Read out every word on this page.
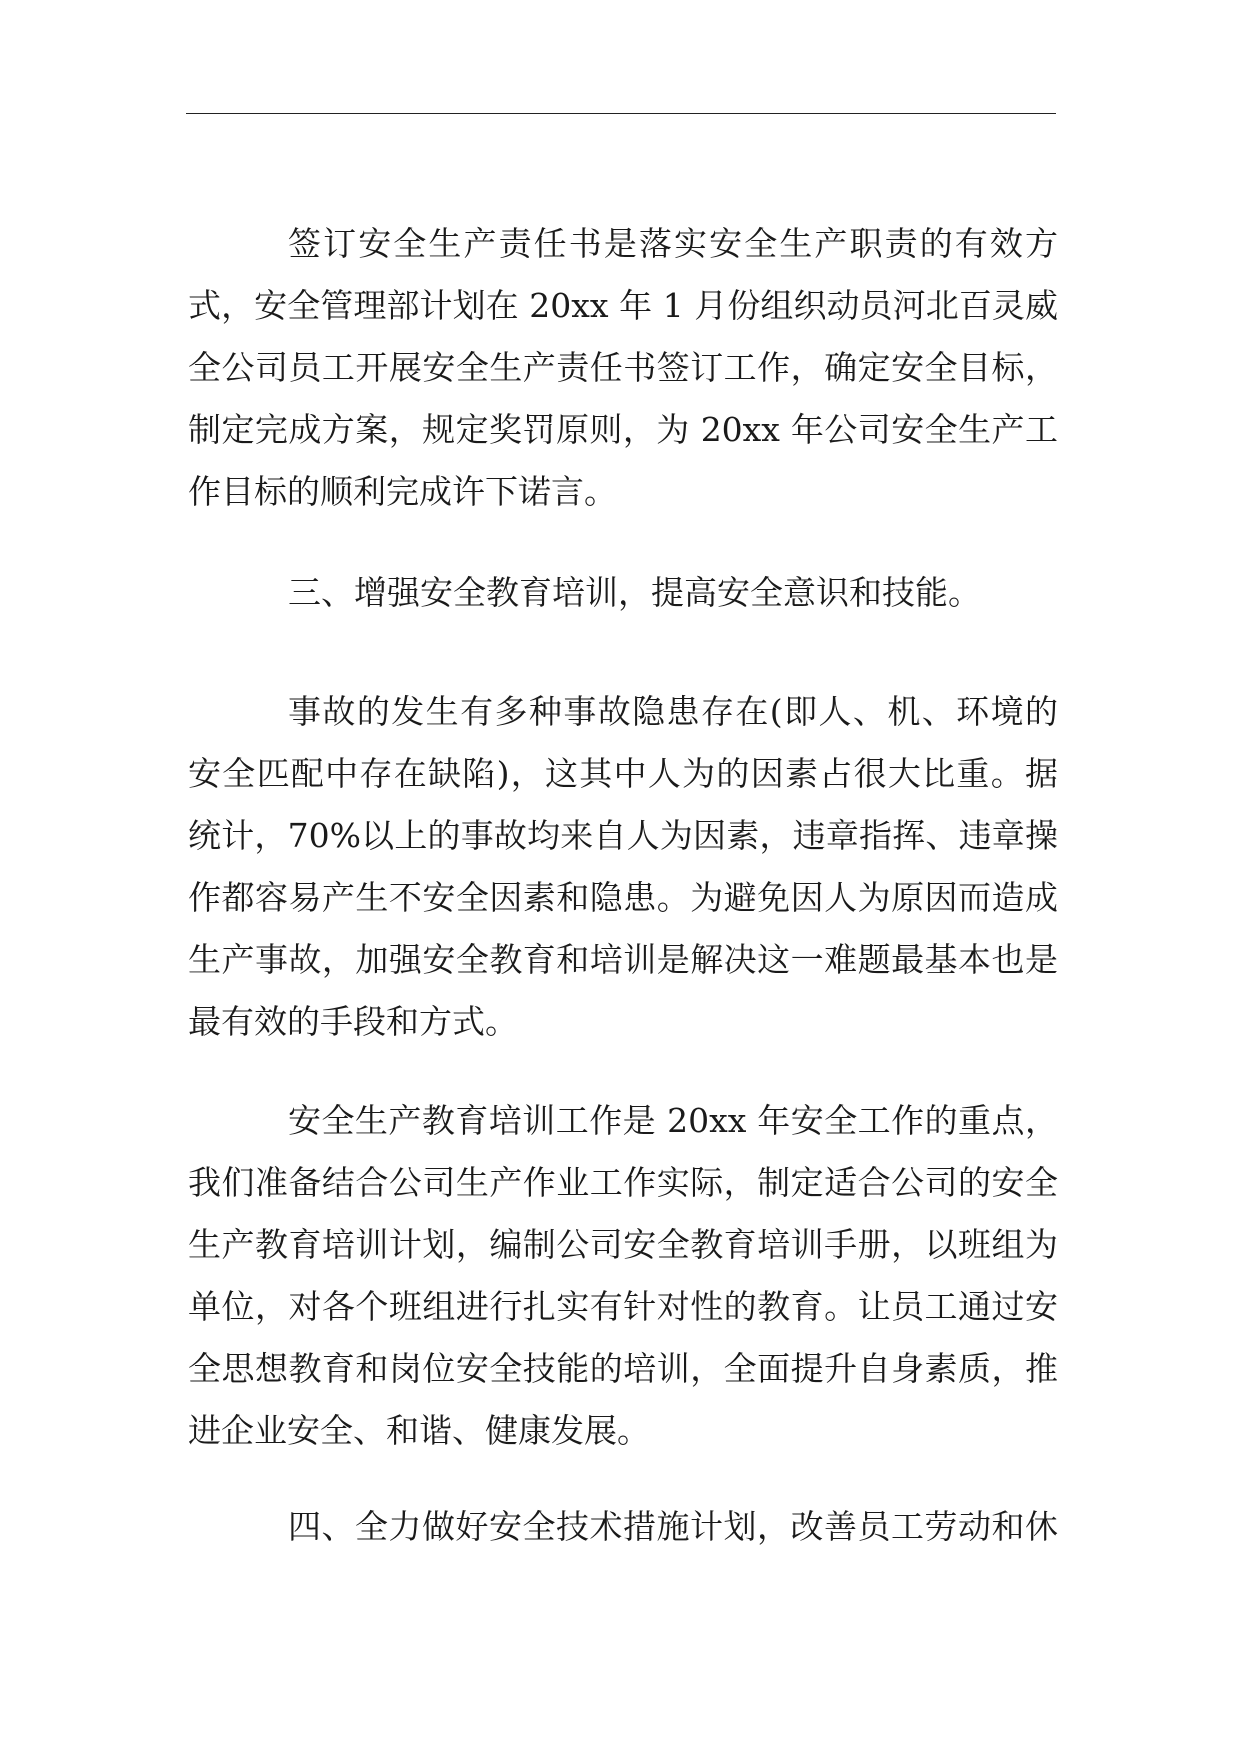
签订安全生产责任书是落实安全生产职责的有效方
式，安全管理部计划在 20xx 年 1 月份组织动员河北百灵威
全公司员工开展安全生产责任书签订工作，确定安全目标，
制定完成方案，规定奖罚原则，为 20xx 年公司安全生产工
作目标的顺利完成许下诺言。
三、增强安全教育培训，提高安全意识和技能。
事故的发生有多种事故隐患存在(即人、机、环境的
安全匹配中存在缺陷)，这其中人为的因素占很大比重。据
统计，70%以上的事故均来自人为因素，违章指挥、违章操
作都容易产生不安全因素和隐患。为避免因人为原因而造成
生产事故，加强安全教育和培训是解决这一难题最基本也是
最有效的手段和方式。
安全生产教育培训工作是 20xx 年安全工作的重点，
我们准备结合公司生产作业工作实际，制定适合公司的安全
生产教育培训计划，编制公司安全教育培训手册，以班组为
单位，对各个班组进行扎实有针对性的教育。让员工通过安
全思想教育和岗位安全技能的培训，全面提升自身素质，推
进企业安全、和谐、健康发展。
四、全力做好安全技术措施计划，改善员工劳动和休
